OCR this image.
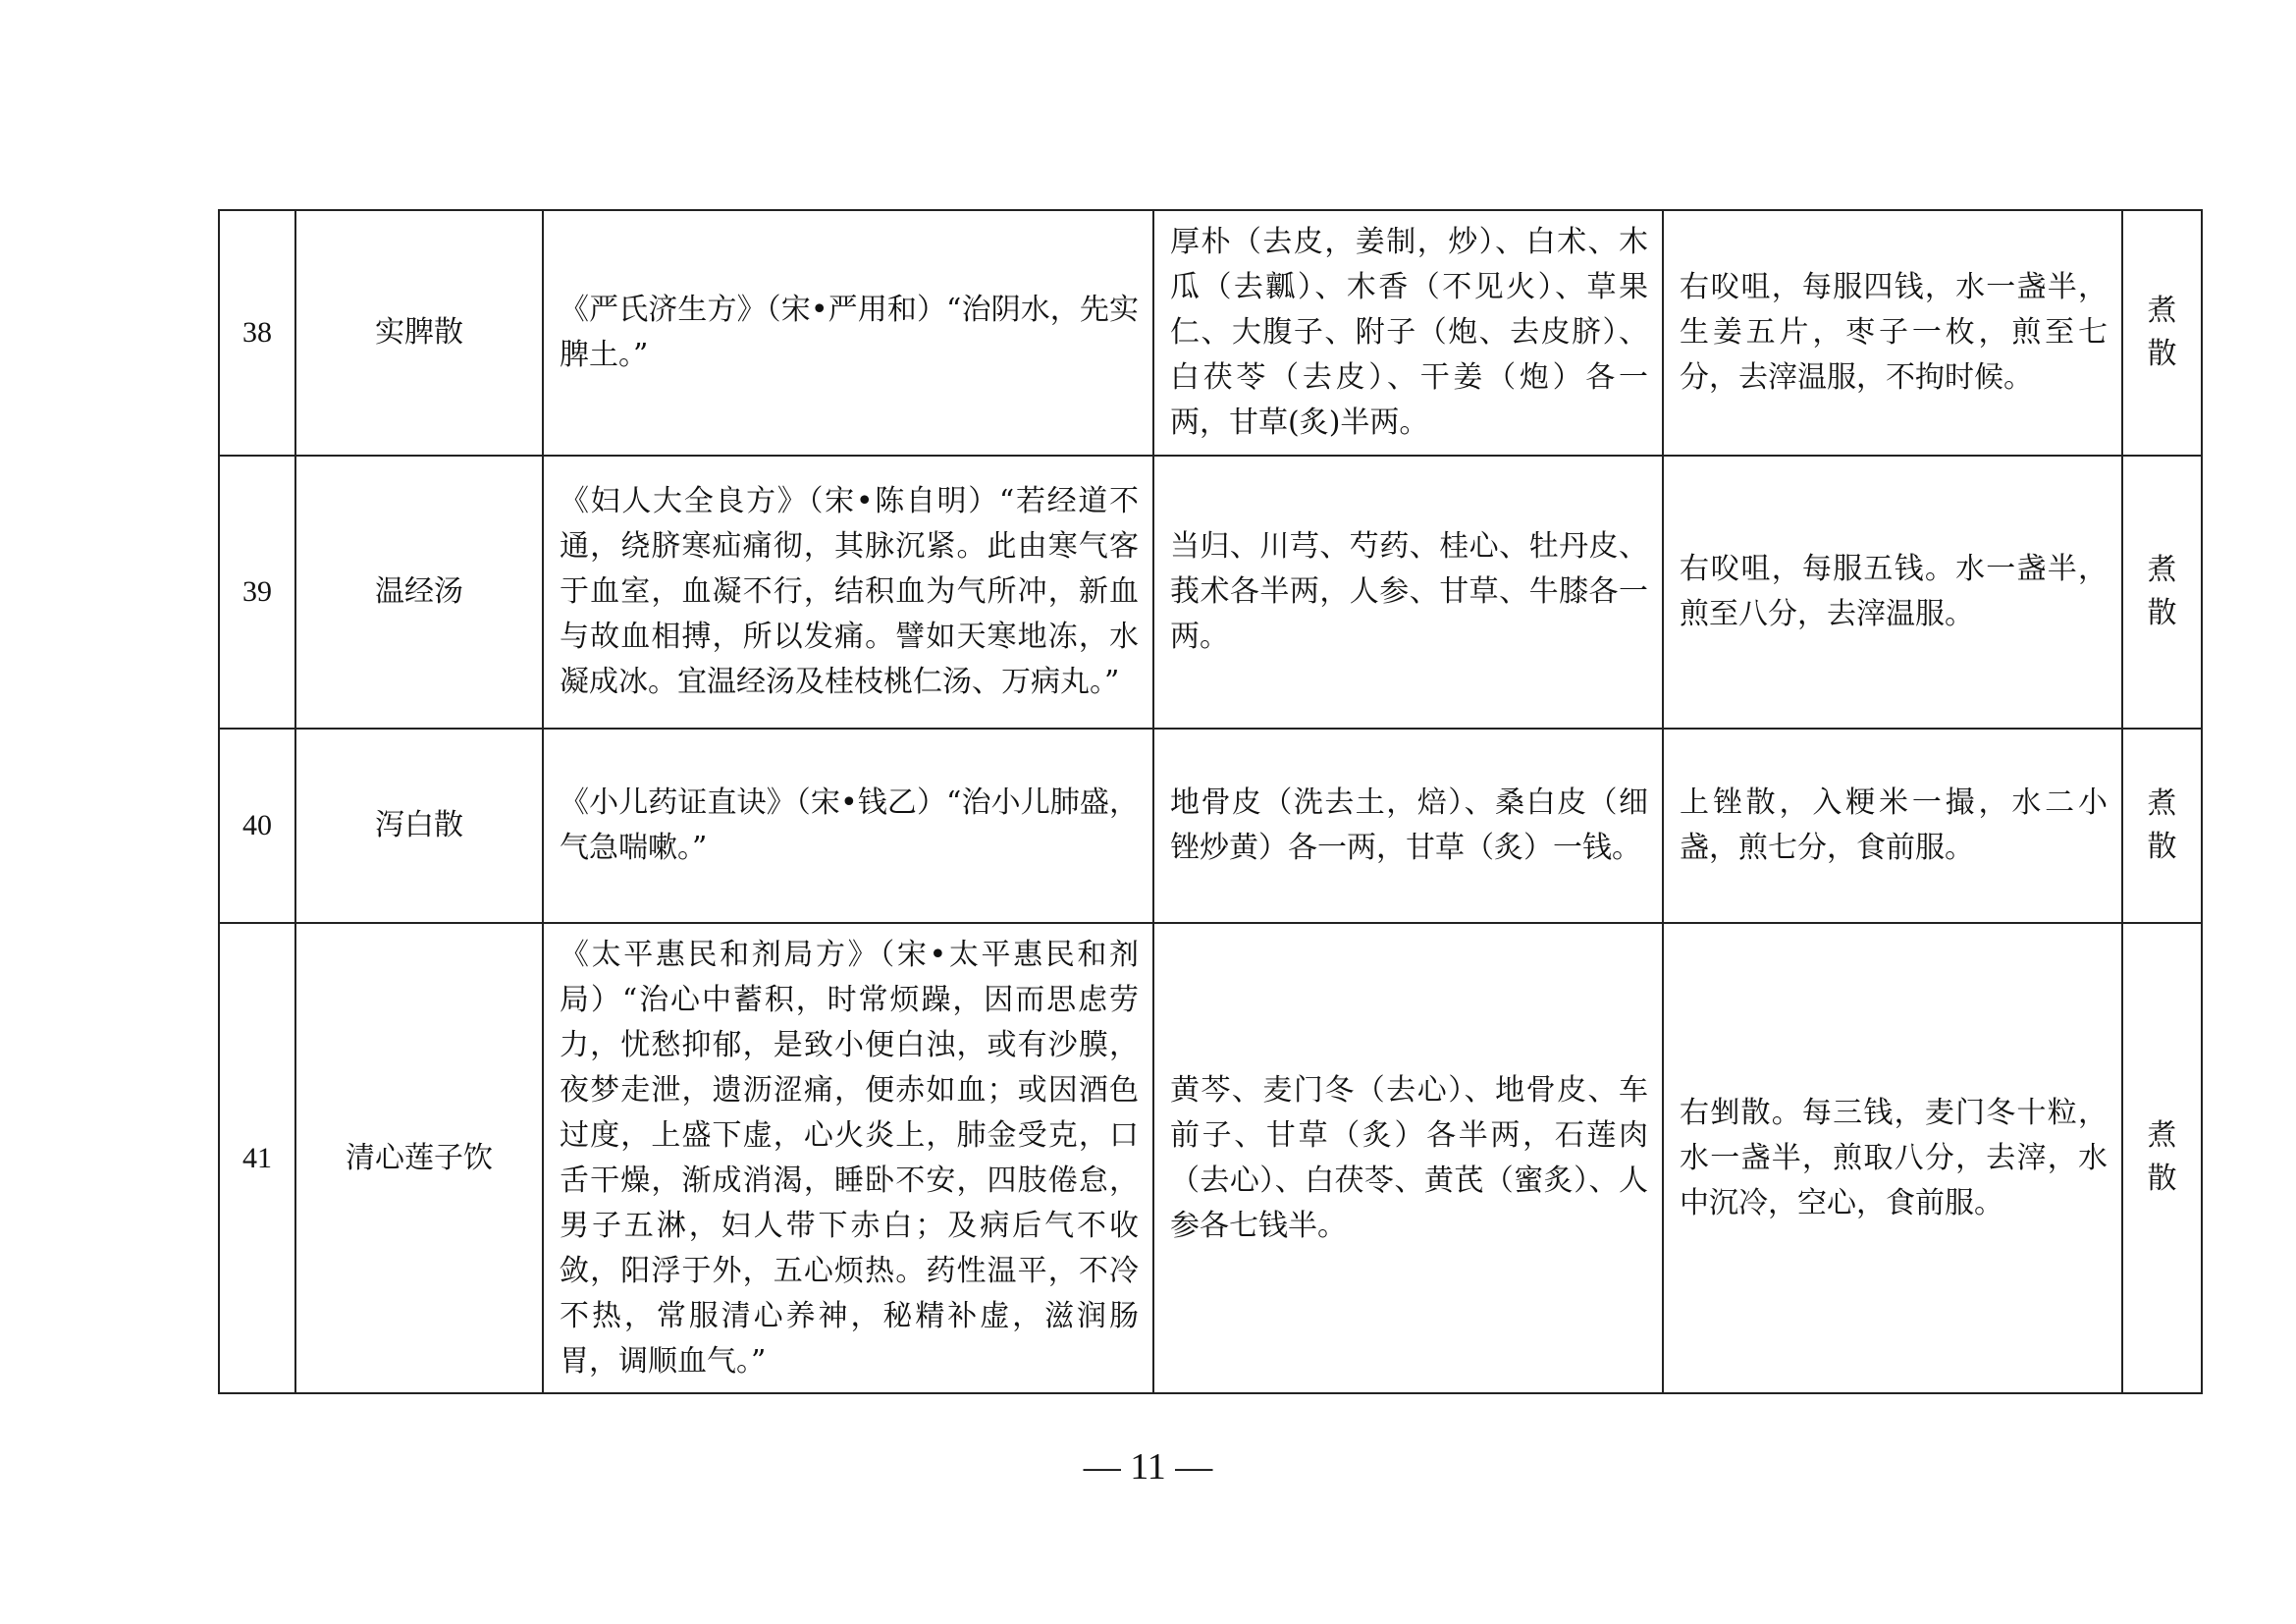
38	实脾散	《严氏济生方》（宋•严用和）“治阴水，先实脾土。”	厚朴（去皮，姜制，炒）、白术、木瓜（去瓤）、木香（不见火）、草果仁、大腹子、附子（炮、去皮脐）、白茯苓（去皮）、干姜（炮）各一两，甘草(炙)半两。	右㕮咀，每服四钱，水一盏半，生姜五片，枣子一枚，煎至七分，去滓温服，不拘时候。	煮散
39	温经汤	《妇人大全良方》（宋•陈自明）“若经道不通，绕脐寒疝痛彻，其脉沉紧。此由寒气客于血室，血凝不行，结积血为气所冲，新血与故血相搏，所以发痛。譬如天寒地冻，水凝成冰。宜温经汤及桂枝桃仁汤、万病丸。”	当归、川芎、芍药、桂心、牡丹皮、莪术各半两，人参、甘草、牛膝各一两。	右㕮咀，每服五钱。水一盏半，煎至八分，去滓温服。	煮散
40	泻白散	《小儿药证直诀》（宋•钱乙）“治小儿肺盛，气急喘嗽。”	地骨皮（洗去土，焙）、桑白皮（细锉炒黄）各一两，甘草（炙）一钱。	上锉散，入粳米一撮，水二小盏，煎七分，食前服。	煮散
41	清心莲子饮	《太平惠民和剂局方》（宋•太平惠民和剂局）“治心中蓄积，时常烦躁，因而思虑劳力，忧愁抑郁，是致小便白浊，或有沙膜，夜梦走泄，遗沥涩痛，便赤如血；或因酒色过度，上盛下虚，心火炎上，肺金受克，口舌干燥，渐成消渴，睡卧不安，四肢倦怠，男子五淋，妇人带下赤白；及病后气不收敛，阳浮于外，五心烦热。药性温平，不冷不热，常服清心养神，秘精补虚，滋润肠胃，调顺血气。”	黄芩、麦门冬（去心）、地骨皮、车前子、甘草（炙）各半两，石莲肉（去心）、白茯苓、黄芪（蜜炙）、人参各七钱半。	右剉散。每三钱，麦门冬十粒，水一盏半，煎取八分，去滓，水中沉冷，空心，食前服。	煮散
— 11 —
